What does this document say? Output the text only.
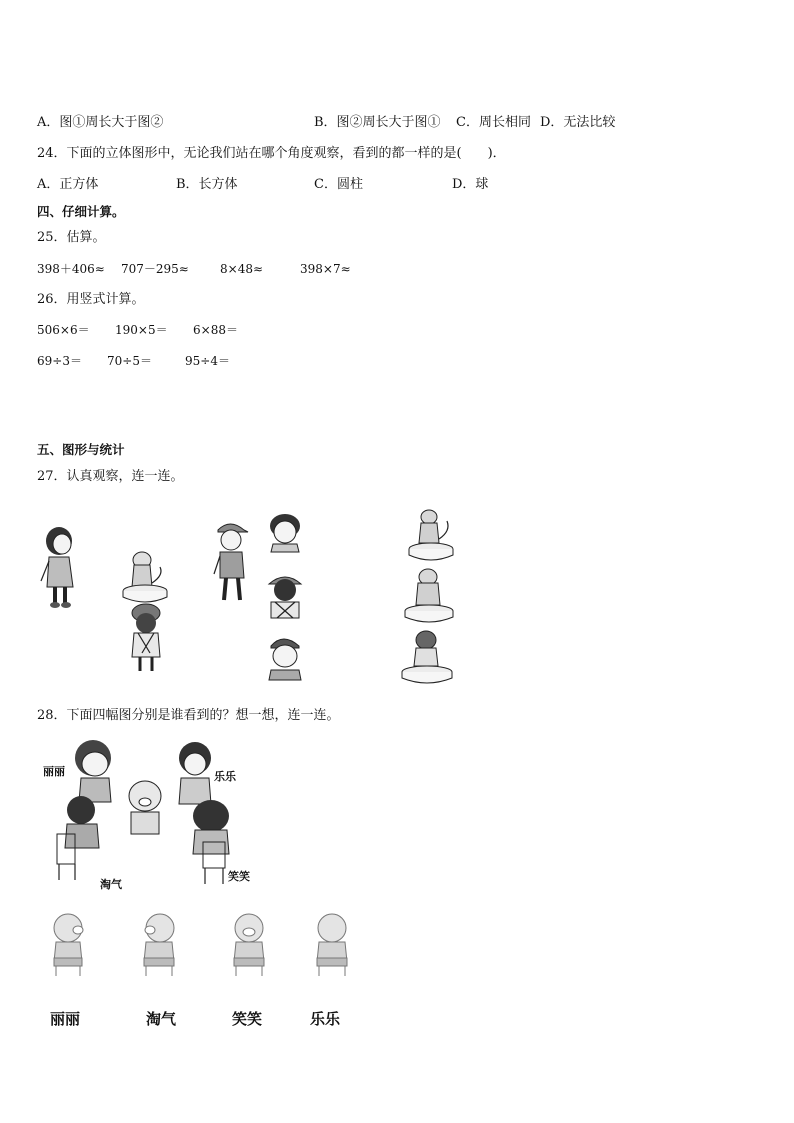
A．图①周长大于图②	B．图②周长大于图① C．周长相同 D．无法比较
24．下面的立体图形中，无论我们站在哪个角度观察，看到的都一样的是(　　)．
A．正方体	B．长方体	C．圆柱	D．球
四、仔细计算。
25．估算。
398＋406≈ 707－295≈	8×48≈	398×7≈
26．用竖式计算。
506×6＝ 190×5＝ 6×88＝
69÷3＝ 70÷5＝	95÷4＝
五、图形与统计
27．认真观察，连一连。
28．下面四幅图分别是谁看到的？想一想，连一连。
丽丽	乐乐
淘气
笑笑
丽丽	淘气	笑笑	乐乐
